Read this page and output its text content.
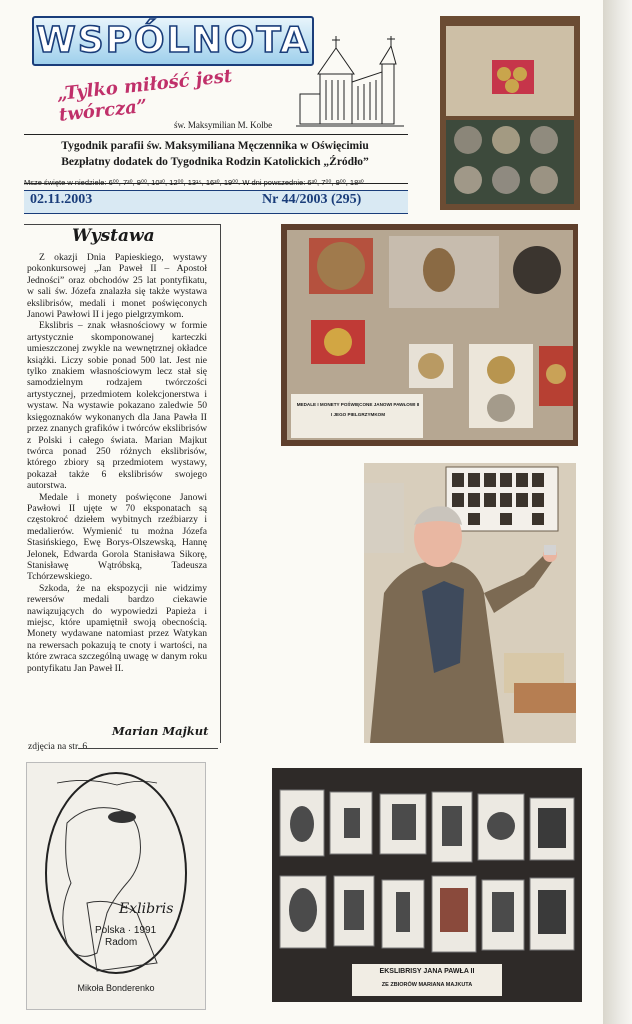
WSPÓLNOTA
„Tylko miłość jest twórcza”	św. Maksymilian M. Kolbe
Tygodnik parafii św. Maksymiliana Męczennika w Oświęcimiu
Bezpłatny dodatek do Tygodnika Rodzin Katolickich „Źródło”
Msze święte w niedziele: 6⁰⁰, 7³⁰, 9⁰⁰, 10³⁰, 12⁰⁰, 13¹⁵, 16³⁰, 19⁰⁰. W dni powszednie: 6³⁰, 7⁰⁰, 9⁰⁰, 18³⁰
02.11.2003	Nr 44/2003 (295)
Wystawa

Z okazji Dnia Papieskiego, wystawy pokonkursowej „Jan Paweł II – Apostoł Jedności” oraz obchodów 25 lat pontyfikatu, w sali św. Józefa znalazła się także wystawa ekslibrisów, medali i monet poświęconych Janowi Pawłowi II i jego pielgrzymkom.

Ekslibris – znak własnościowy w formie artystycznie skomponowanej karteczki umieszczonej zwykle na wewnętrznej okładce książki. Liczy sobie ponad 500 lat. Jest nie tylko znakiem własnościowym lecz stał się samodzielnym rodzajem twórczości artystycznej, przedmiotem kolekcjonerstwa i wystaw. Na wystawie pokazano zaledwie 50 księgoznaków wykonanych dla Jana Pawła II przez znanych grafików i twórców ekslibrisów z Polski i całego świata. Marian Majkut twórca ponad 250 różnych ekslibrisów, którego zbiory są przedmiotem wystawy, pokazał także 6 ekslibrisów swojego autorstwa.

Medale i monety poświęcone Janowi Pawłowi II ujęte w 70 eksponatach są częstokroć dziełem wybitnych rzeźbiarzy i medalierów. Wymienić tu można Józefa Stasińskiego, Ewę Borys-Olszewską, Hannę Jelonek, Edwarda Gorola Stanisława Sikorę, Stanisławę Wątróbską, Tadeusza Tchórzewskiego.

Szkoda, że na ekspozycji nie widzimy rewersów medali bardzo ciekawie nawiązujących do wypowiedzi Papieża i miejsc, które upamiętnił swoją obecnością. Monety wydawane natomiast przez Watykan na rewersach pokazują te cnoty i wartości, na które zwraca szczególną uwagę w danym roku pontyfikatu Jan Paweł II.

Marian Majkut
zdjęcia na str. 6
MEDALE I MONETY POŚWIĘCONE JANOWI PAWŁOWI II
I JEGO PIELGRZYMKOM
Exlibris
Polska · 1991
Radom
Mikoła Bonderenko
EKSLIBRISY JANA PAWŁA II
ZE ZBIORÓW MARIANA MAJKUTA
